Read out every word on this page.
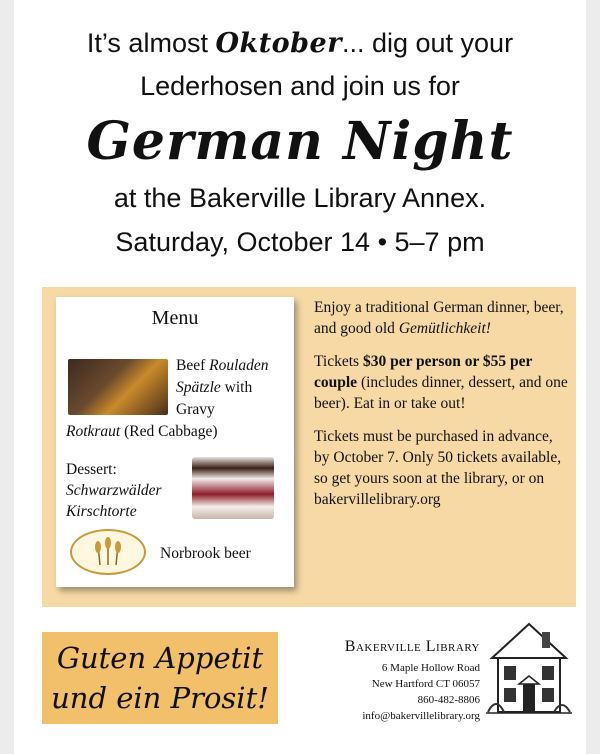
It’s almost Oktober... dig out your
Lederhosen and join us for
German Night
at the Bakerville Library Annex.
Saturday, October 14 • 5–7 pm
Menu
Beef Rouladen
Spätzle with
Gravy
Rotkraut (Red Cabbage)
Dessert:
Schwarzwälder
Kirschtorte
Norbrook beer
Enjoy a traditional German dinner, beer, and good old Gemütlichkeit!
Tickets $30 per person or $55 per couple (includes dinner, dessert, and one beer). Eat in or take out!
Tickets must be purchased in advance, by October 7. Only 50 tickets available, so get yours soon at the library, or on bakervillelibrary.org
Guten Appetit
und ein Prosit!
Bakerville Library
6 Maple Hollow Road
New Hartford CT 06057
860-482-8806
info@bakervillelibrary.org
